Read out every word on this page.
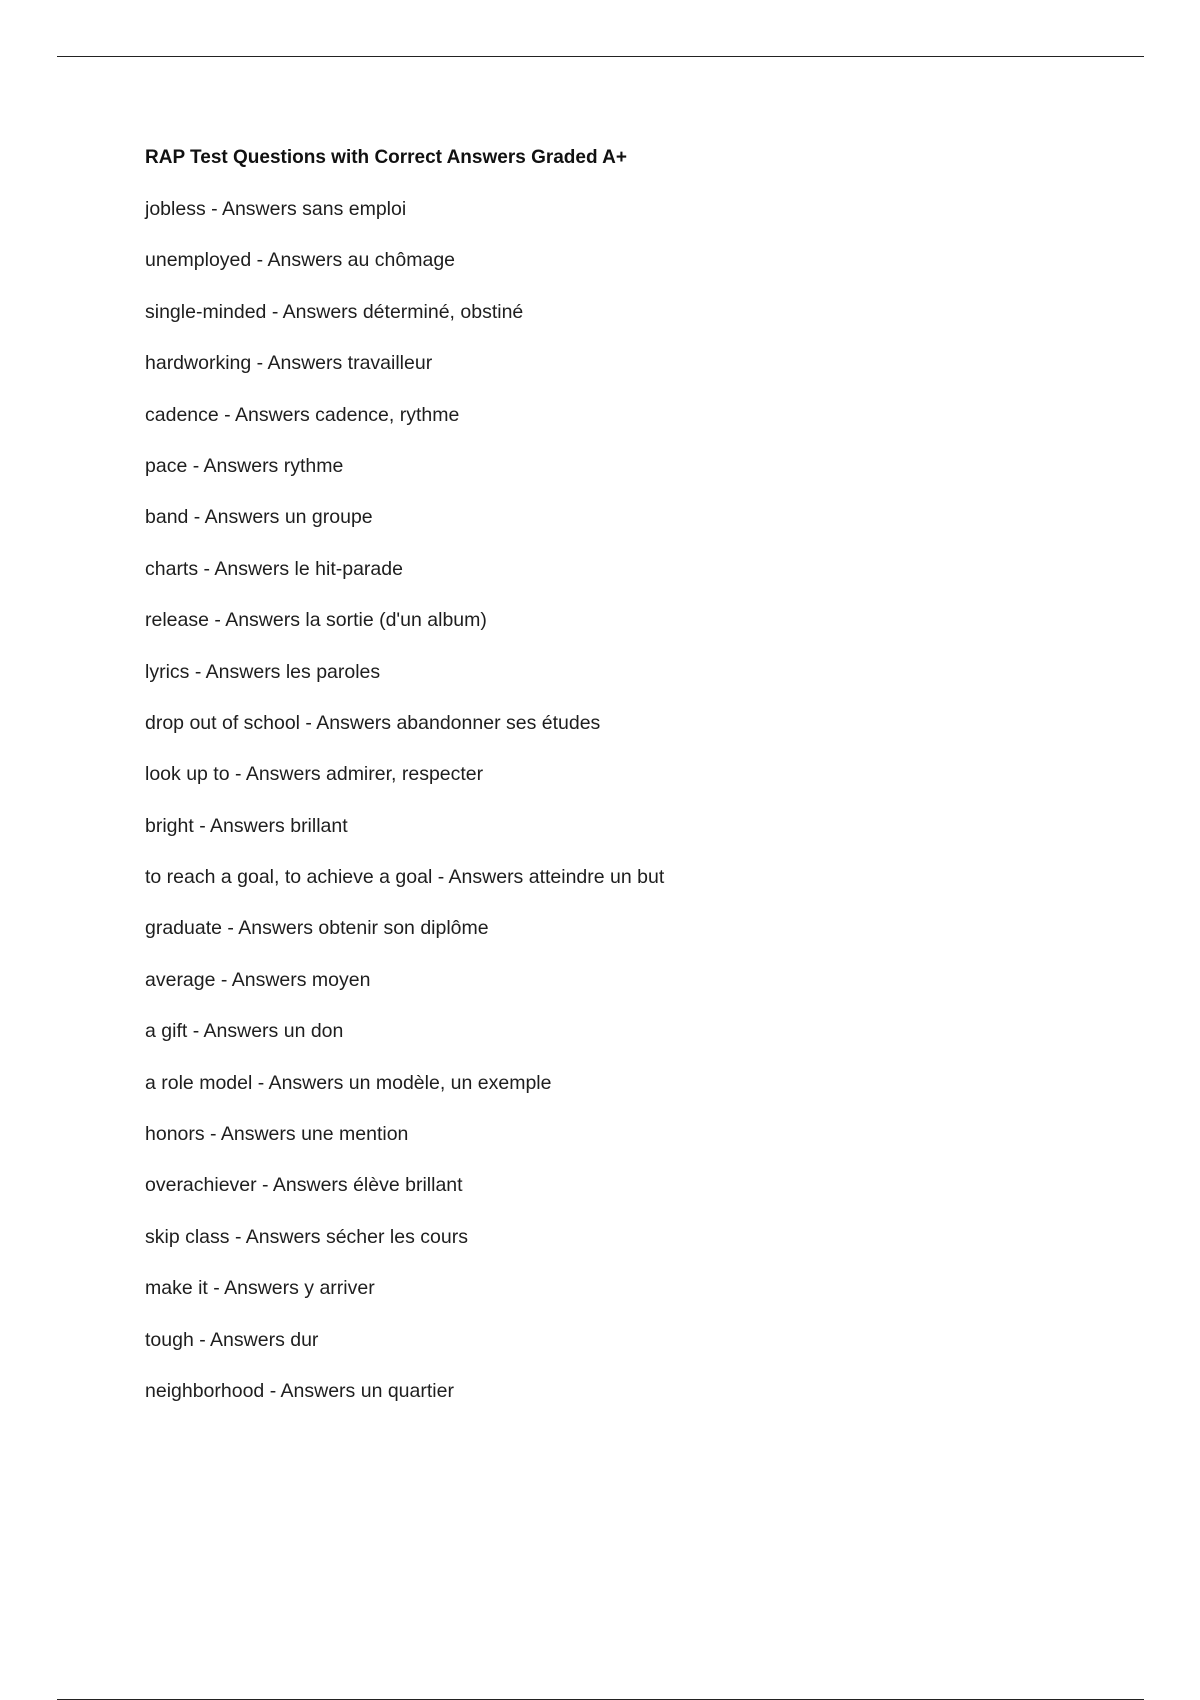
RAP Test Questions with Correct Answers Graded A+
jobless - Answers sans emploi
unemployed - Answers au chômage
single-minded - Answers déterminé, obstiné
hardworking - Answers travailleur
cadence - Answers cadence, rythme
pace - Answers rythme
band - Answers un groupe
charts - Answers le hit-parade
release - Answers la sortie (d'un album)
lyrics - Answers les paroles
drop out of school - Answers abandonner ses études
look up to - Answers admirer, respecter
bright - Answers brillant
to reach a goal, to achieve a goal - Answers atteindre un but
graduate - Answers obtenir son diplôme
average - Answers moyen
a gift - Answers un don
a role model - Answers un modèle, un exemple
honors - Answers une mention
overachiever - Answers élève brillant
skip class - Answers sécher les cours
make it - Answers y arriver
tough - Answers dur
neighborhood - Answers un quartier
